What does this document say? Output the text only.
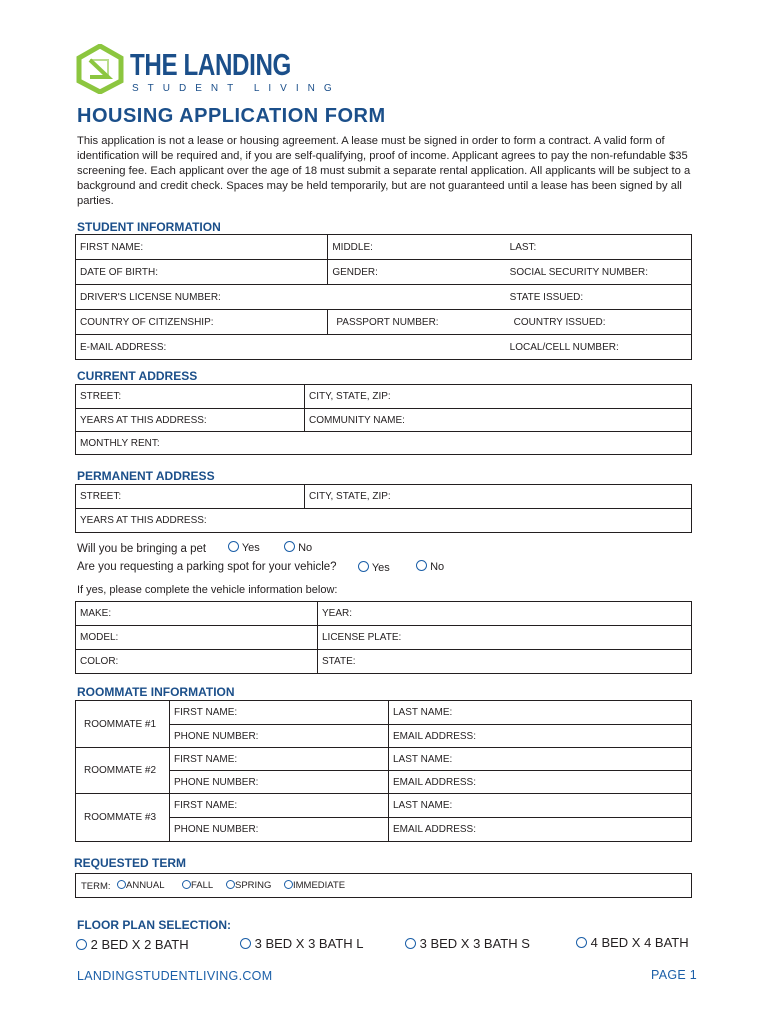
THE LANDING
STUDENT LIVING
HOUSING APPLICATION FORM
This application is not a lease or housing agreement. A lease must be signed in order to form a contract. A valid form of identification will be required and, if you are self-qualifying, proof of income. Applicant agrees to pay the non-refundable $35 screening fee. Each applicant over the age of 18 must submit a separate rental application. All applicants will be subject to a background and credit check. Spaces may be held temporarily, but are not guaranteed until a lease has been signed by all parties.
STUDENT INFORMATION
FIRST NAME:	MIDDLE:	LAST:
DATE OF BIRTH:	GENDER:	SOCIAL SECURITY NUMBER:
DRIVER'S LICENSE NUMBER:		STATE ISSUED:
COUNTRY OF CITIZENSHIP:	PASSPORT NUMBER:	COUNTRY ISSUED:
E-MAIL ADDRESS:		LOCAL/CELL NUMBER:
CURRENT ADDRESS
STREET:	CITY, STATE, ZIP:
YEARS AT THIS ADDRESS:	COMMUNITY NAME:
MONTHLY RENT:	
PERMANENT ADDRESS
STREET:	CITY, STATE, ZIP:
YEARS AT THIS ADDRESS:
Will you be bringing a pet	Yes	No
Are you requesting a parking spot for your vehicle?	Yes	No
If yes, please complete the vehicle information below:
MAKE:	YEAR:
MODEL:	LICENSE PLATE:
COLOR:	STATE:
ROOMMATE INFORMATION
ROOMMATE #1	FIRST NAME:	LAST NAME:
	PHONE NUMBER:	EMAIL ADDRESS:
ROOMMATE #2	FIRST NAME:	LAST NAME:
	PHONE NUMBER:	EMAIL ADDRESS:
ROOMMATE #3	FIRST NAME:	LAST NAME:
	PHONE NUMBER:	EMAIL ADDRESS:
REQUESTED TERM
TERM:	ANNUAL	FALL	SPRING	IMMEDIATE
FLOOR PLAN SELECTION:
2 BED X 2 BATH	3 BED X 3 BATH L	3 BED X 3 BATH S	4 BED X 4 BATH
LANDINGSTUDENTLIVING.COM	PAGE 1
